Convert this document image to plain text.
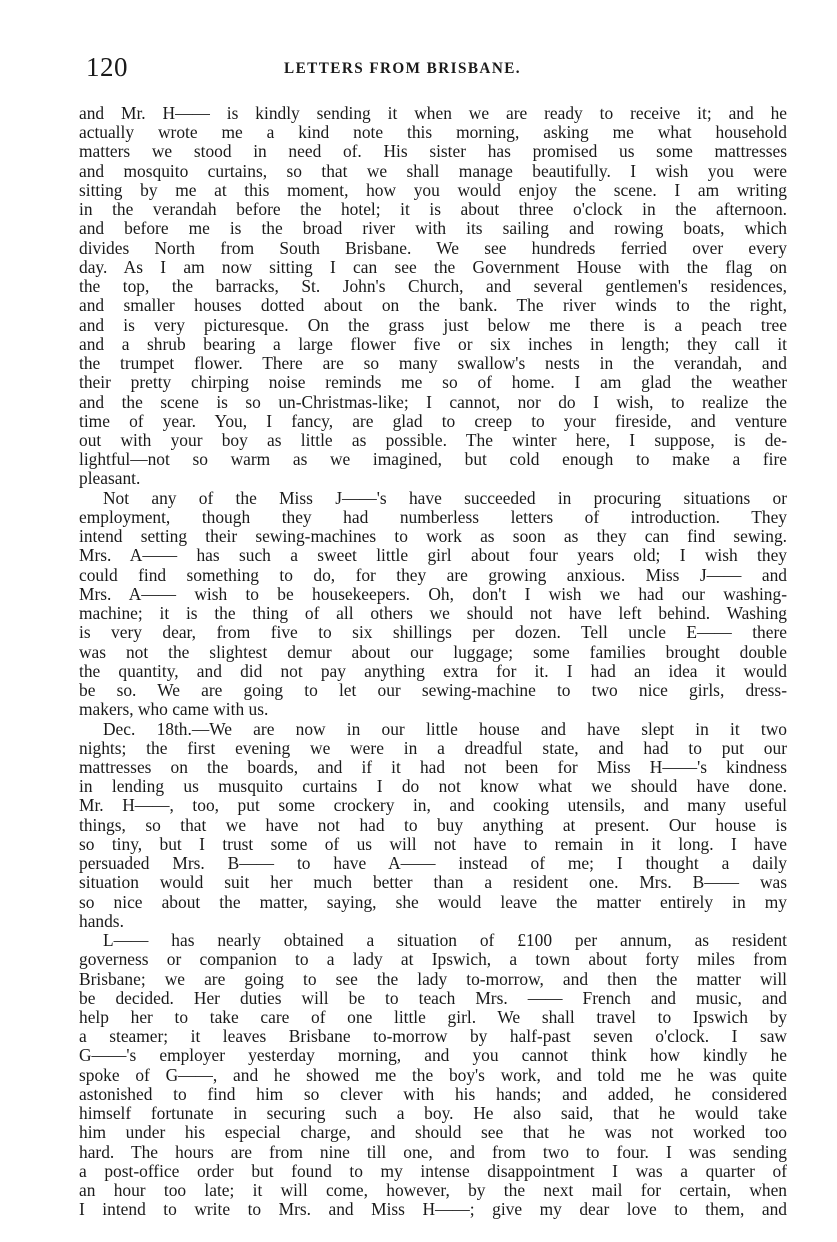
120	LETTERS FROM BRISBANE.
and Mr. H—— is kindly sending it when we are ready to receive it; and he
actually wrote me a kind note this morning, asking me what household
matters we stood in need of. His sister has promised us some mattresses
and mosquito curtains, so that we shall manage beautifully. I wish you were
sitting by me at this moment, how you would enjoy the scene. I am writing
in the verandah before the hotel; it is about three o'clock in the afternoon.
and before me is the broad river with its sailing and rowing boats, which
divides North from South Brisbane. We see hundreds ferried over every
day. As I am now sitting I can see the Government House with the flag on
the top, the barracks, St. John's Church, and several gentlemen's residences,
and smaller houses dotted about on the bank. The river winds to the right,
and is very picturesque. On the grass just below me there is a peach tree
and a shrub bearing a large flower five or six inches in length; they call it
the trumpet flower. There are so many swallow's nests in the verandah, and
their pretty chirping noise reminds me so of home. I am glad the weather
and the scene is so un-Christmas-like; I cannot, nor do I wish, to realize the
time of year. You, I fancy, are glad to creep to your fireside, and venture
out with your boy as little as possible. The winter here, I suppose, is de-
lightful—not so warm as we imagined, but cold enough to make a fire
pleasant.
Not any of the Miss J——'s have succeeded in procuring situations or
employment, though they had numberless letters of introduction. They
intend setting their sewing-machines to work as soon as they can find sewing.
Mrs. A—— has such a sweet little girl about four years old; I wish they
could find something to do, for they are growing anxious. Miss J—— and
Mrs. A—— wish to be housekeepers. Oh, don't I wish we had our washing-
machine; it is the thing of all others we should not have left behind. Washing
is very dear, from five to six shillings per dozen. Tell uncle E—— there
was not the slightest demur about our luggage; some families brought double
the quantity, and did not pay anything extra for it. I had an idea it would
be so. We are going to let our sewing-machine to two nice girls, dress-
makers, who came with us.
Dec. 18th.—We are now in our little house and have slept in it two
nights; the first evening we were in a dreadful state, and had to put our
mattresses on the boards, and if it had not been for Miss H——'s kindness
in lending us musquito curtains I do not know what we should have done.
Mr. H——, too, put some crockery in, and cooking utensils, and many useful
things, so that we have not had to buy anything at present. Our house is
so tiny, but I trust some of us will not have to remain in it long. I have
persuaded Mrs. B—— to have A—— instead of me; I thought a daily
situation would suit her much better than a resident one. Mrs. B—— was
so nice about the matter, saying, she would leave the matter entirely in my
hands.
L—— has nearly obtained a situation of £100 per annum, as resident
governess or companion to a lady at Ipswich, a town about forty miles from
Brisbane; we are going to see the lady to-morrow, and then the matter will
be decided. Her duties will be to teach Mrs. —— French and music, and
help her to take care of one little girl. We shall travel to Ipswich by
a steamer; it leaves Brisbane to-morrow by half-past seven o'clock. I saw
G——'s employer yesterday morning, and you cannot think how kindly he
spoke of G——, and he showed me the boy's work, and told me he was quite
astonished to find him so clever with his hands; and added, he considered
himself fortunate in securing such a boy. He also said, that he would take
him under his especial charge, and should see that he was not worked too
hard. The hours are from nine till one, and from two to four. I was sending
a post-office order but found to my intense disappointment I was a quarter of
an hour too late; it will come, however, by the next mail for certain, when
I intend to write to Mrs. and Miss H——; give my dear love to them, and
